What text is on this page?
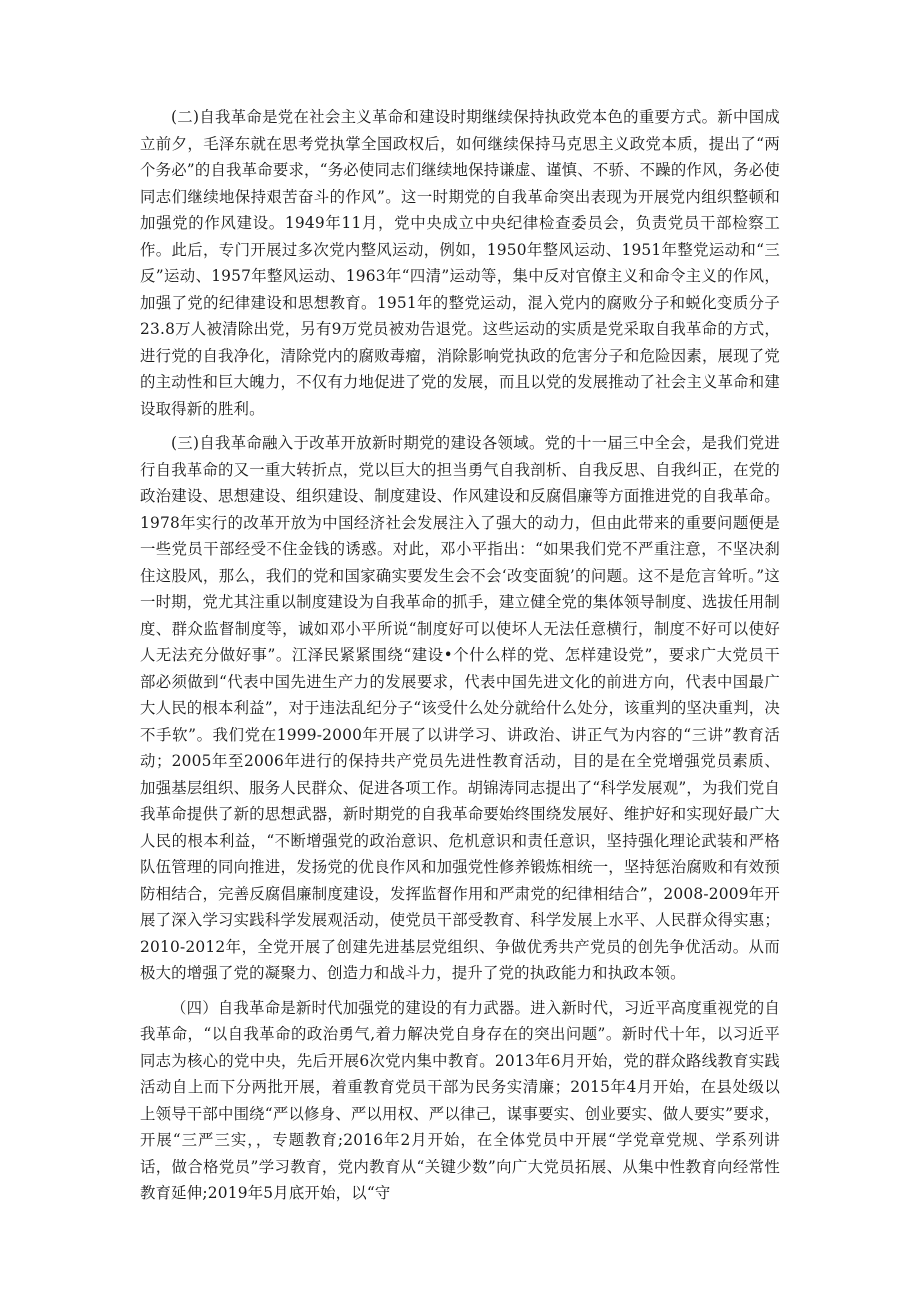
(二)自我革命是党在社会主义革命和建设时期继续保持执政党本色的重要方式。新中国成立前夕，毛泽东就在思考党执掌全国政权后，如何继续保持马克思主义政党本质，提出了“两个务必”的自我革命要求，“务必使同志们继续地保持谦虚、谨慎、不骄、不躁的作风，务必使同志们继续地保持艰苦奋斗的作风”。这一时期党的自我革命突出表现为开展党内组织整顿和加强党的作风建设。1949年11月，党中央成立中央纪律检查委员会，负责党员干部检察工作。此后，专门开展过多次党内整风运动，例如，1950年整风运动、1951年整党运动和“三反”运动、1957年整风运动、1963年“四清”运动等，集中反对官僚主义和命令主义的作风，加强了党的纪律建设和思想教育。1951年的整党运动，混入党内的腐败分子和蜕化变质分子23.8万人被清除出党，另有9万党员被劝告退党。这些运动的实质是党采取自我革命的方式，进行党的自我净化，清除党内的腐败毒瘤，消除影响党执政的危害分子和危险因素，展现了党的主动性和巨大魄力，不仅有力地促进了党的发展，而且以党的发展推动了社会主义革命和建设取得新的胜利。

(三)自我革命融入于改革开放新时期党的建设各领域。党的十一届三中全会，是我们党进行自我革命的又一重大转折点，党以巨大的担当勇气自我剖析、自我反思、自我纠正，在党的政治建设、思想建设、组织建设、制度建设、作风建设和反腐倡廉等方面推进党的自我革命。1978年实行的改革开放为中国经济社会发展注入了强大的动力，但由此带来的重要问题便是一些党员干部经受不住金钱的诱惑。对此，邓小平指出：“如果我们党不严重注意，不坚决刹住这股风，那么，我们的党和国家确实要发生会不会‘改变面貌’的问题。这不是危言耸听。”这一时期，党尤其注重以制度建设为自我革命的抓手，建立健全党的集体领导制度、选拔任用制度、群众监督制度等，诚如邓小平所说“制度好可以使坏人无法任意横行，制度不好可以使好人无法充分做好事”。江泽民紧紧围绕“建设•个什么样的党、怎样建设党”，要求广大党员干部必须做到“代表中国先进生产力的发展要求，代表中国先进文化的前进方向，代表中国最广大人民的根本利益”，对于违法乱纪分子“该受什么处分就给什么处分，该重判的坚决重判，决不手软”。我们党在1999-2000年开展了以讲学习、讲政治、讲正气为内容的“三讲”教育活动；2005年至2006年进行的保持共产党员先进性教育活动，目的是在全党增强党员素质、加强基层组织、服务人民群众、促进各项工作。胡锦涛同志提出了“科学发展观”，为我们党自我革命提供了新的思想武器，新时期党的自我革命要始终围绕发展好、维护好和实现好最广大人民的根本利益，“不断增强党的政治意识、危机意识和责任意识，坚持强化理论武装和严格队伍管理的同向推进，发扬党的优良作风和加强党性修养锻炼相统一，坚持惩治腐败和有效预防相结合，完善反腐倡廉制度建设，发挥监督作用和严肃党的纪律相结合”，2008-2009年开展了深入学习实践科学发展观活动，使党员干部受教育、科学发展上水平、人民群众得实惠；2010-2012年，全党开展了创建先进基层党组织、争做优秀共产党员的创先争优活动。从而极大的增强了党的凝聚力、创造力和战斗力，提升了党的执政能力和执政本领。

（四）自我革命是新时代加强党的建设的有力武器。进入新时代，习近平高度重视党的自我革命，“以自我革命的政治勇气,着力解决党自身存在的突出问题”。新时代十年，以习近平同志为核心的党中央，先后开展6次党内集中教育。2013年6月开始，党的群众路线教育实践活动自上而下分两批开展，着重教育党员干部为民务实清廉；2015年4月开始，在县处级以上领导干部中围绕“严以修身、严以用权、严以律己，谋事要实、创业要实、做人要实”要求，开展“三严三实，，专题教育;2016年2月开始，在全体党员中开展“学党章党规、学系列讲话，做合格党员”学习教育，党内教育从“关键少数”向广大党员拓展、从集中性教育向经常性教育延伸;2019年5月底开始，以“守
